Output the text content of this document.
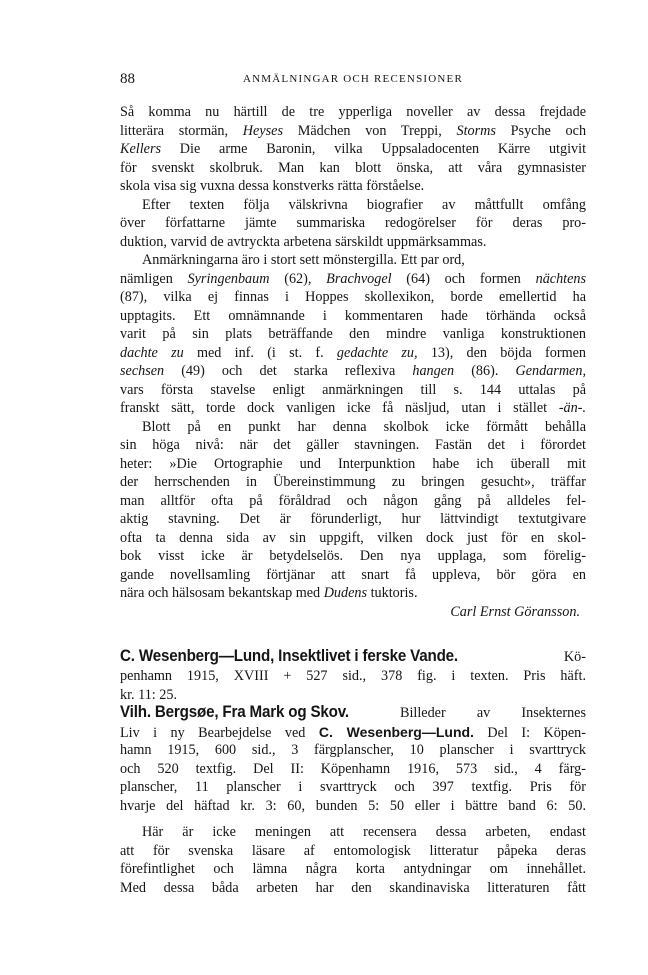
88	ANMÄLNINGAR OCH RECENSIONER
Så komma nu härtill de tre ypperliga noveller av dessa frejdade
litterära stormän, Heyses Mädchen von Treppi, Storms Psyche och
Kellers Die arme Baronin, vilka Uppsaladocenten Kärre utgivit
för svenskt skolbruk. Man kan blott önska, att våra gymnasister
skola visa sig vuxna dessa konstverks rätta förståelse.
Efter texten följa välskrivna biografier av måttfullt omfång
över författarne jämte summariska redogörelser för deras pro-
duktion, varvid de avtryckta arbetena särskildt uppmärksammas.
Anmärkningarna äro i stort sett mönstergilla. Ett par ord,
nämligen Syringenbaum (62), Brachvogel (64) och formen nächtens
(87), vilka ej finnas i Hoppes skollexikon, borde emellertid ha
upptagits. Ett omnämnande i kommentaren hade törhända också
varit på sin plats beträffande den mindre vanliga konstruktionen
dachte zu med inf. (i st. f. gedachte zu, 13), den böjda formen
sechsen (49) och det starka reflexiva hangen (86). Gendarmen,
vars första stavelse enligt anmärkningen till s. 144 uttalas på
franskt sätt, torde dock vanligen icke få näsljud, utan i stället -än-.
Blott på en punkt har denna skolbok icke förmått behålla
sin höga nivå: när det gäller stavningen. Fastän det i förordet
heter: »Die Ortographie und Interpunktion habe ich überall mit
der herrschenden in Übereinstimmung zu bringen gesucht», träffar
man alltför ofta på föråldrad och någon gång på alldeles fel-
aktig stavning. Det är förunderligt, hur lättvindigt textutgivare
ofta ta denna sida av sin uppgift, vilken dock just för en skol-
bok visst icke är betydelselös. Den nya upplaga, som förelig-
gande novellsamling förtjänar att snart få uppleva, bör göra en
nära och hälsosam bekantskap med Dudens tuktoris.
Carl Ernst Göransson.
C. Wesenberg—Lund, Insektlivet i ferske Vande.	Kö-
penhamn 1915, XVIII + 527 sid., 378 fig. i texten. Pris häft.
kr. 11: 25.
Vilh. Bergsøe, Fra Mark og Skov.	Billeder av Insekternes
Liv i ny Bearbejdelse ved C. Wesenberg—Lund. Del I: Köpen-
hamn 1915, 600 sid., 3 färgplanscher, 10 planscher i svarttryck
och 520 textfig. Del II: Köpenhamn 1916, 573 sid., 4 färg-
planscher, 11 planscher i svarttryck och 397 textfig. Pris för
hvarje del häftad kr. 3: 60, bunden 5: 50 eller i bättre band 6: 50.
Här är icke meningen att recensera dessa arbeten, endast
att för svenska läsare af entomologisk litteratur påpeka deras
förefintlighet och lämna några korta antydningar om innehållet.
Med dessa båda arbeten har den skandinaviska litteraturen fått
